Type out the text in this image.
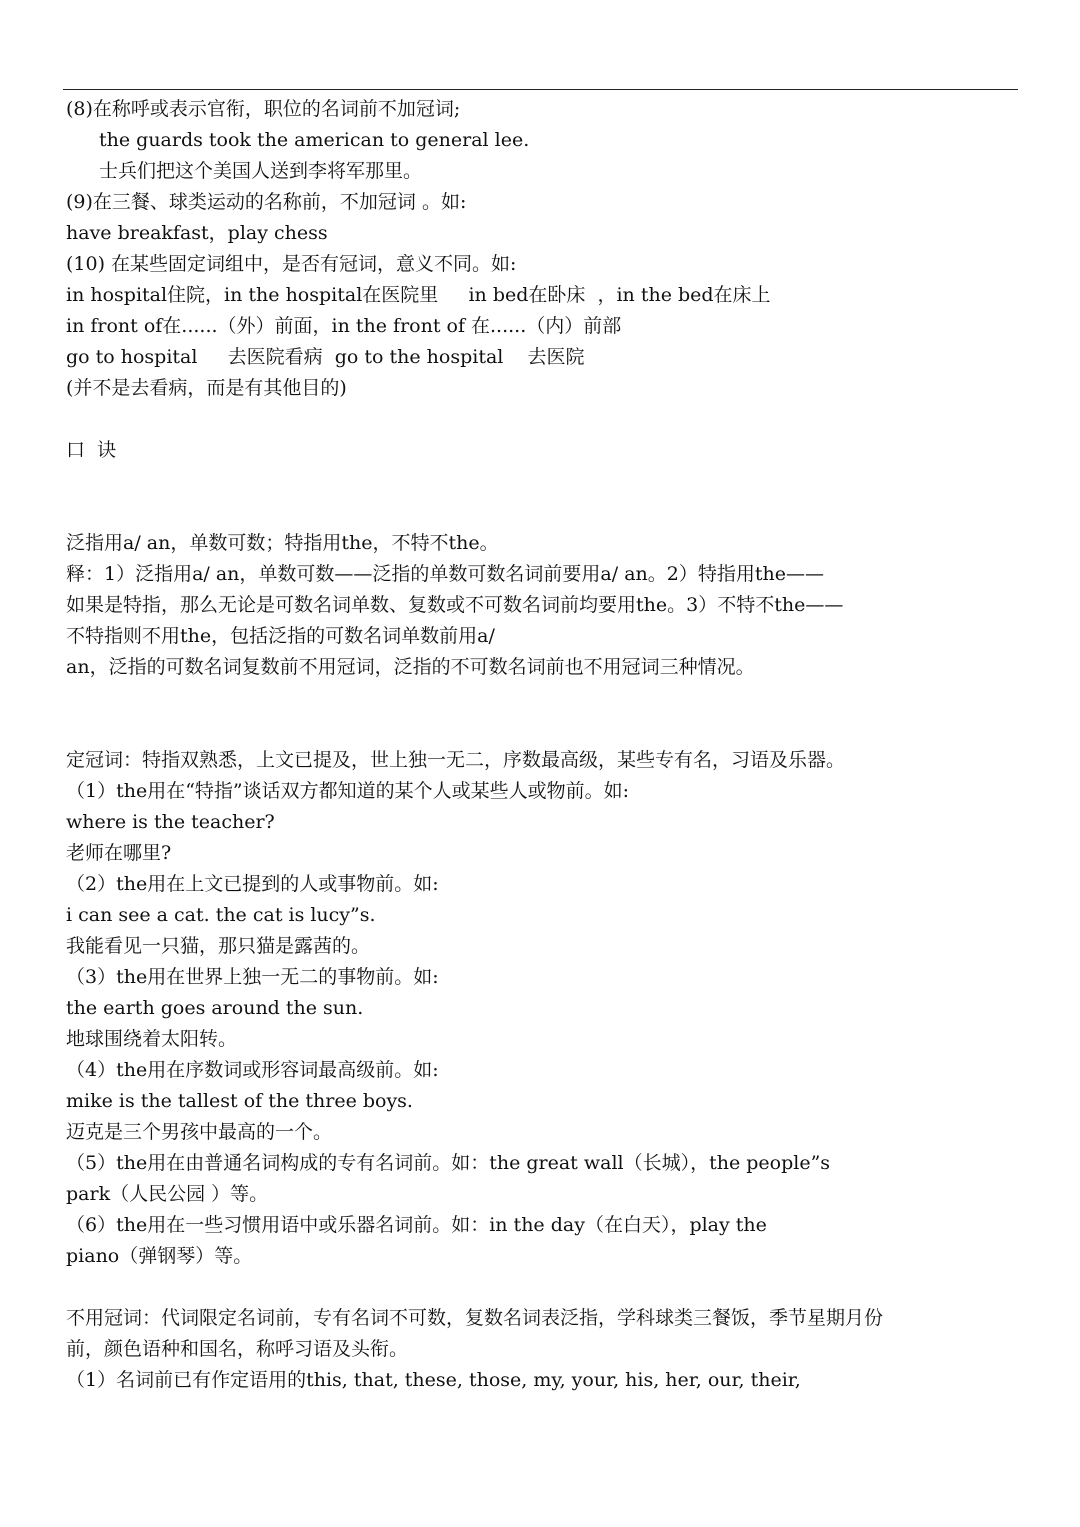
(8)在称呼或表示官衔，职位的名词前不加冠词;
the guards took the american to general lee.
士兵们把这个美国人送到李将军那里。
(9)在三餐、球类运动的名称前，不加冠词 。如:
have breakfast，play chess
(10) 在某些固定词组中，是否有冠词，意义不同。如:
in hospital住院，in the hospital在医院里     in bed在卧床  ，in the bed在床上
in front of在......（外）前面，in the front of 在......（内）前部
go to hospital     去医院看病  go to the hospital    去医院
(并不是去看病，而是有其他目的)
口  诀
泛指用a/ an，单数可数；特指用the，不特不the。
释：1）泛指用a/ an，单数可数——泛指的单数可数名词前要用a/ an。2）特指用the——
如果是特指，那么无论是可数名词单数、复数或不可数名词前均要用the。3）不特不the——
不特指则不用the，包括泛指的可数名词单数前用a/
an，泛指的可数名词复数前不用冠词，泛指的不可数名词前也不用冠词三种情况。
定冠词：特指双熟悉，上文已提及，世上独一无二，序数最高级，某些专有名，习语及乐器。
（1）the用在“特指”谈话双方都知道的某个人或某些人或物前。如:
where is the teacher?
老师在哪里?
（2）the用在上文已提到的人或事物前。如:
i can see a cat. the cat is lucy”s.
我能看见一只猫，那只猫是露茜的。
（3）the用在世界上独一无二的事物前。如:
the earth goes around the sun.
地球围绕着太阳转。
（4）the用在序数词或形容词最高级前。如:
mike is the tallest of the three boys.
迈克是三个男孩中最高的一个。
（5）the用在由普通名词构成的专有名词前。如：the great wall（长城），the people”s
park（人民公园 ）等。
（6）the用在一些习惯用语中或乐器名词前。如：in the day（在白天），play the
piano（弹钢琴）等。
不用冠词：代词限定名词前，专有名词不可数，复数名词表泛指，学科球类三餐饭，季节星期月份
前，颜色语种和国名，称呼习语及头衔。
（1）名词前已有作定语用的this, that, these, those, my, your, his, her, our, their,
